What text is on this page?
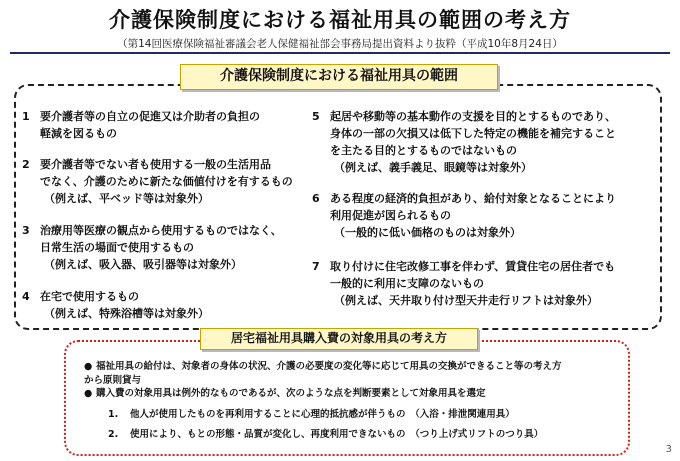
介護保険制度における福祉用具の範囲の考え方
（第14回医療保険福祉審議会老人保健福祉部会事務局提出資料より抜粋（平成10年8月24日）
介護保険制度における福祉用具の範囲
1 要介護者等の自立の促進又は介助者の負担の
軽減を図るもの
2 要介護者等でない者も使用する一般の生活用品
でなく、介護のために新たな価値付けを有するもの
（例えば、平ベッド等は対象外）
3 治療用等医療の観点から使用するものではなく、
日常生活の場面で使用するもの
（例えば、吸入器、吸引器等は対象外）
4 在宅で使用するもの
（例えば、特殊浴槽等は対象外）
5 起居や移動等の基本動作の支援を目的とするものであり、
身体の一部の欠損又は低下した特定の機能を補完すること
を主たる目的とするものではないもの
（例えば、義手義足、眼鏡等は対象外）
6 ある程度の経済的負担があり、給付対象となることにより
利用促進が図られるもの
（一般的に低い価格のものは対象外）
7 取り付けに住宅改修工事を伴わず、賃貸住宅の居住者でも
一般的に利用に支障のないもの
（例えば、天井取り付け型天井走行リフトは対象外）
居宅福祉用具購入費の対象用具の考え方
● 福祉用具の給付は、対象者の身体の状況、介護の必要度の変化等に応じて用具の交換ができること等の考え方
から原則貸与
● 購入費の対象用具は例外的なものであるが、次のような点を判断要素として対象用具を選定
1. 他人が使用したものを再利用することに心理的抵抗感が伴うもの　（入浴・排泄関連用具）
2. 使用により、もとの形態・品質が変化し、再度利用できないもの　（つり上げ式リフトのつり具）
3
